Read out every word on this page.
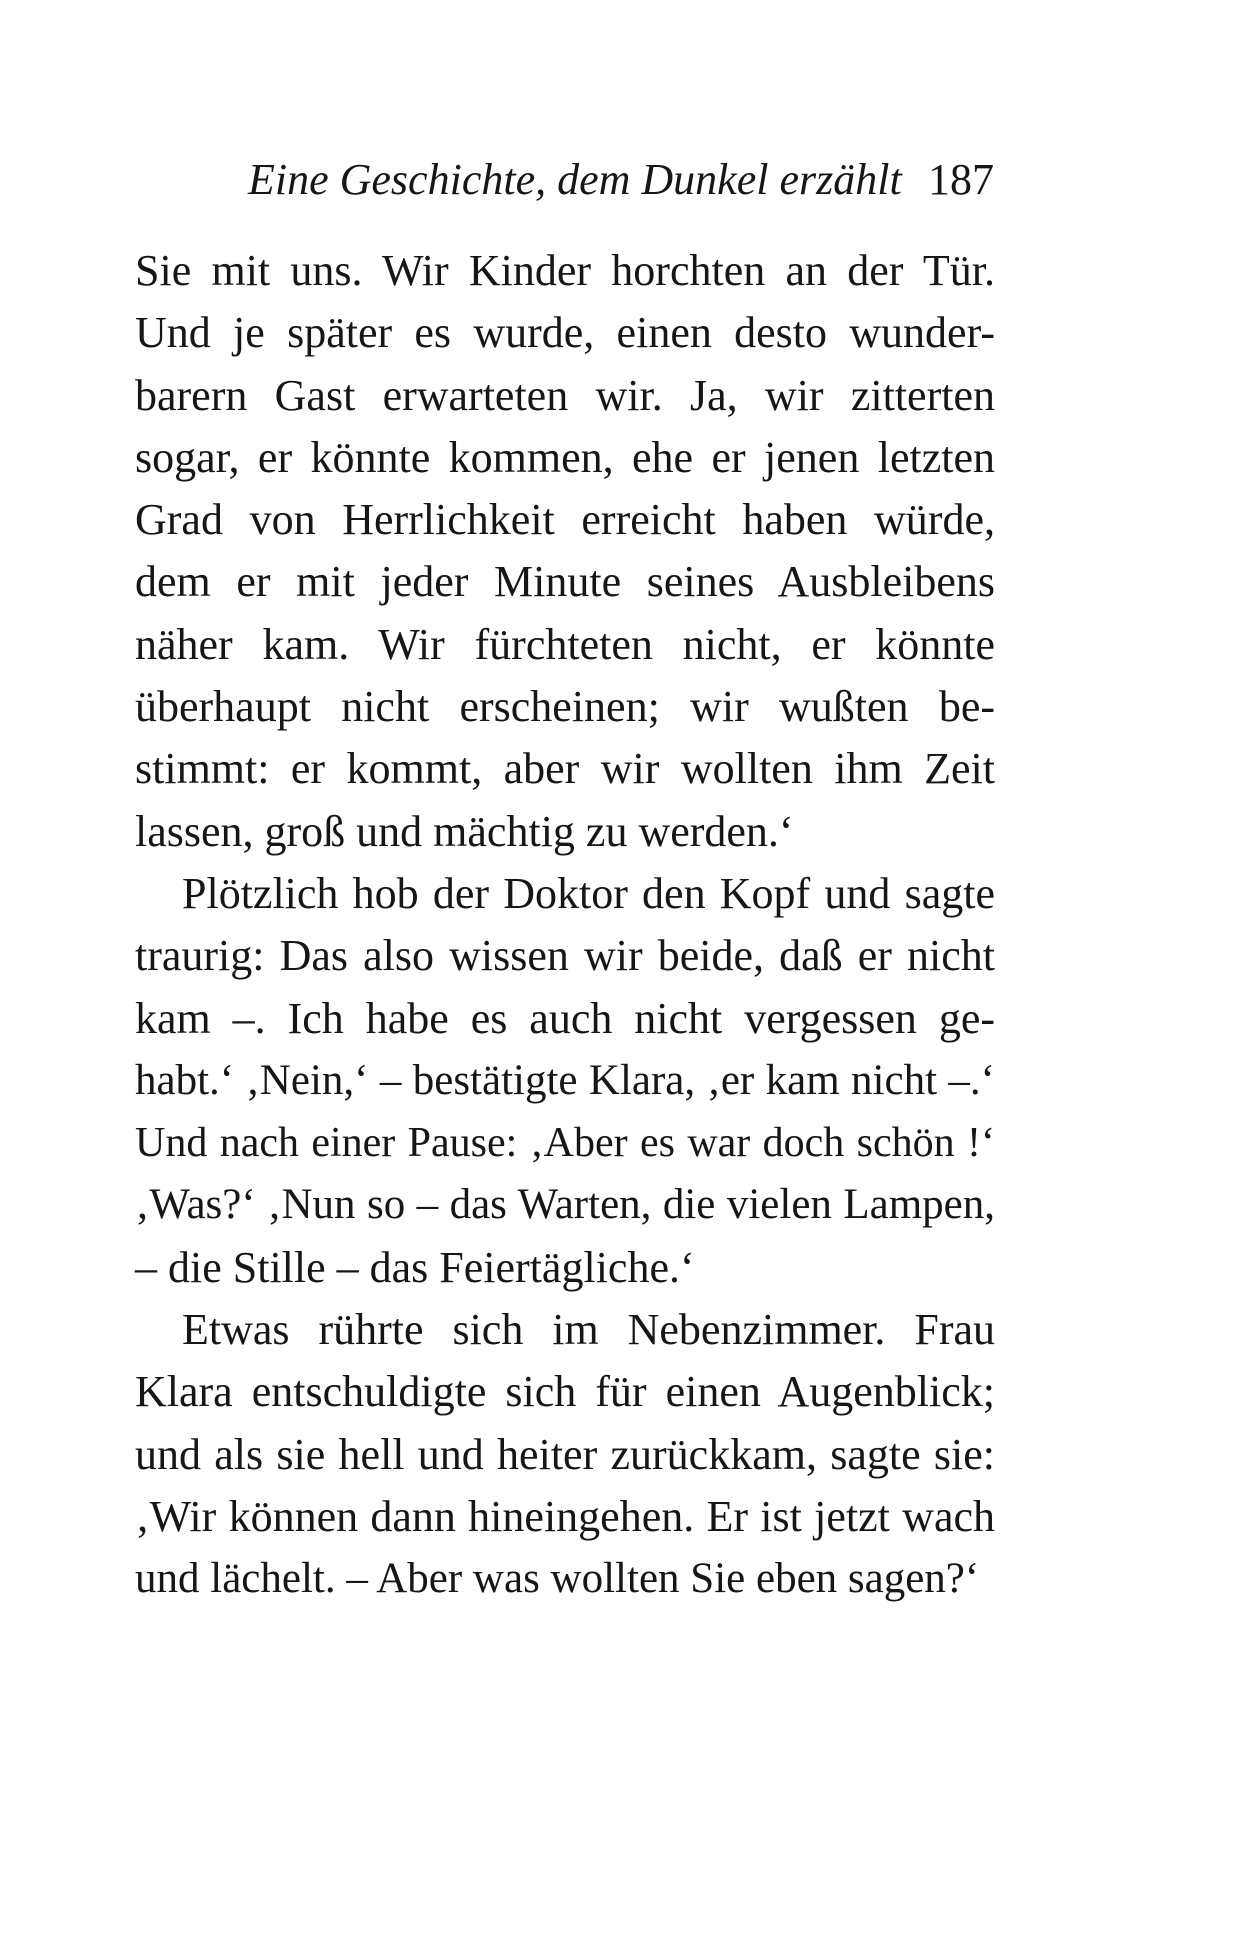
Eine Geschichte, dem Dunkel erzählt 187
Sie mit uns. Wir Kinder horchten an der Tür.
Und je später es wurde, einen desto wunder-
barern Gast erwarteten wir. Ja, wir zitterten
sogar, er könnte kommen, ehe er jenen letzten
Grad von Herrlichkeit erreicht haben würde,
dem er mit jeder Minute seines Ausbleibens
näher kam. Wir fürchteten nicht, er könnte
überhaupt nicht erscheinen; wir wußten be-
stimmt: er kommt, aber wir wollten ihm Zeit
lassen, groß und mächtig zu werden.‘
Plötzlich hob der Doktor den Kopf und sagte
traurig: Das also wissen wir beide, daß er nicht
kam –. Ich habe es auch nicht vergessen ge-
habt.‘ ‚Nein,‘ – bestätigte Klara, ‚er kam nicht –.‘
Und nach einer Pause: ‚Aber es war doch schön !‘
‚Was?‘ ‚Nun so – das Warten, die vielen Lampen,
– die Stille – das Feiertägliche.‘
Etwas rührte sich im Nebenzimmer. Frau
Klara entschuldigte sich für einen Augenblick;
und als sie hell und heiter zurückkam, sagte sie:
‚Wir können dann hineingehen. Er ist jetzt wach
und lächelt. – Aber was wollten Sie eben sagen?‘
